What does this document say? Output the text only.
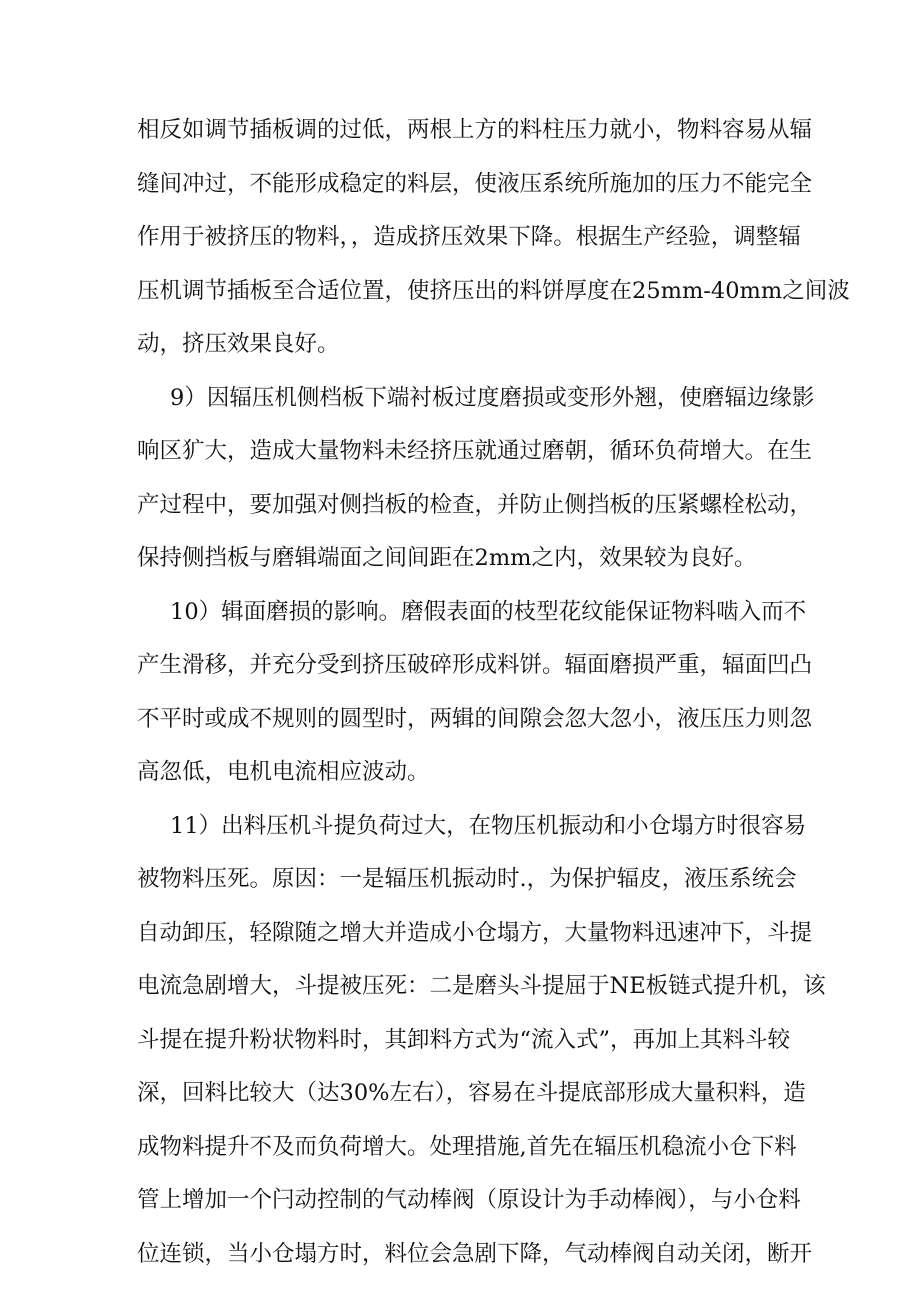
相反如调节插板调的过低，两根上方的料柱压力就小，物料容易从辐

缝间冲过，不能形成稳定的料层，使液压系统所施加的压力不能完全

作用于被挤压的物料，，造成挤压效果下降。根据生产经验，调整辐

压机调节插板至合适位置，使挤压出的料饼厚度在25mm-40mm之间波

动，挤压效果良好。

9）因辐压机侧档板下端衬板过度磨损或变形外翘，使磨辐边缘影

响区犷大，造成大量物料未经挤压就通过磨朝，循环负荷增大。在生

产过程中，要加强对侧挡板的检查，并防止侧挡板的压紧螺栓松动，

保持侧挡板与磨辑端面之间间距在2mm之内，效果较为良好。

10）辑面磨损的影响。磨假表面的枝型花纹能保证物料啮入而不

产生滑移，并充分受到挤压破碎形成料饼。辐面磨损严重，辐面凹凸

不平时或成不规则的圆型时，两辑的间隙会忽大忽小，液压压力则忽

高忽低，电机电流相应波动。

11）出料压机斗提负荷过大，在物压机振动和小仓塌方时很容易

被物料压死。原因：一是辐压机振动时.，为保护辐皮，液压系统会

自动卸压，轻隙随之增大并造成小仓塌方，大量物料迅速冲下，斗提

电流急剧增大，斗提被压死：二是磨头斗提屈于NE板链式提升机，该

斗提在提升粉状物料时，其卸料方式为“流入式”，再加上其料斗较

深，回料比较大（达30%左右），容易在斗提底部形成大量积料，造

成物料提升不及而负荷增大。处理措施,首先在辐压机稳流小仓下料

管上增加一个闩动控制的气动棒阀（原设计为手动棒阀），与小仓料

位连锁，当小仓塌方时，料位会急剧下降，气动棒阀自动关闭，断开
